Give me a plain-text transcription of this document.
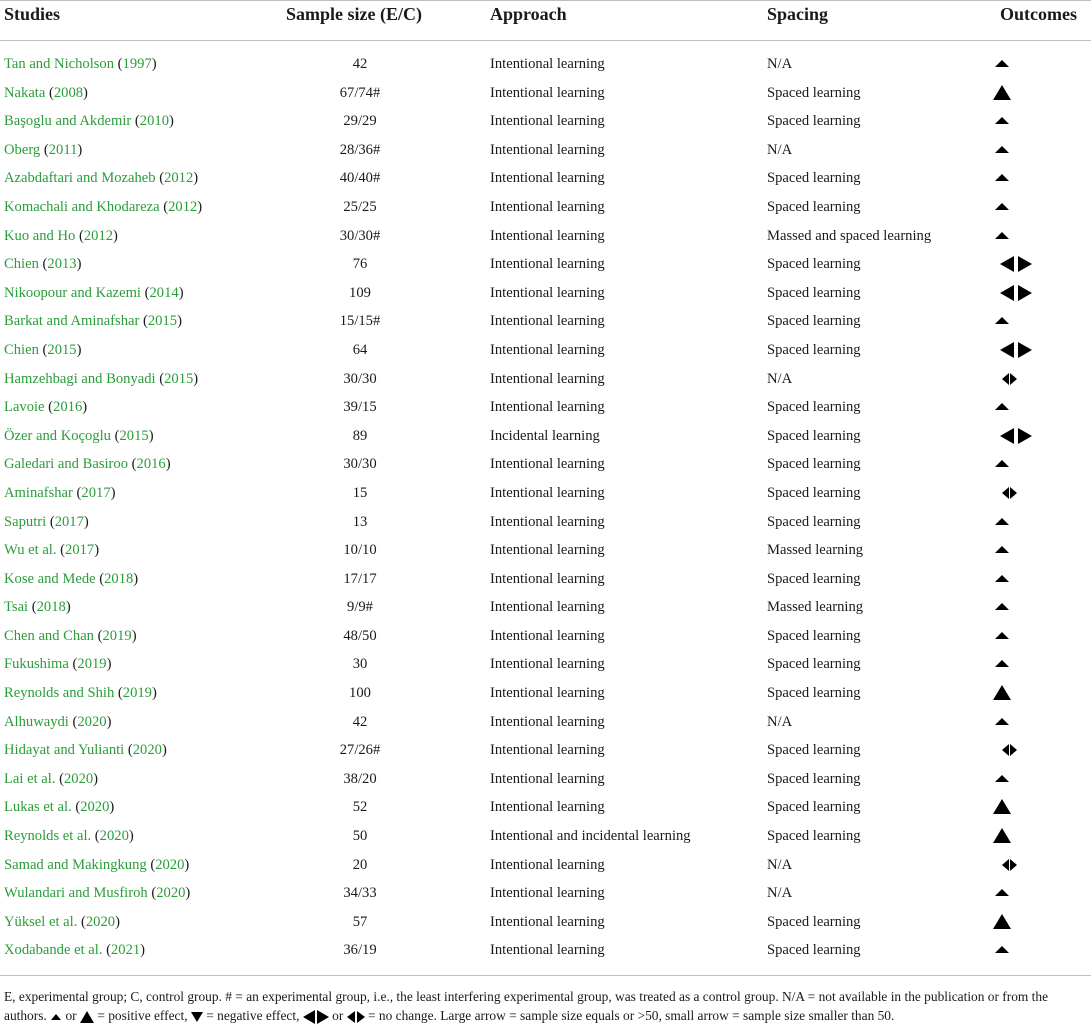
Studies	Sample size (E/C)	Approach	Spacing	Outcomes
Tan and Nicholson (1997)	42	Intentional learning	N/A
Nakata (2008)	67/74#	Intentional learning	Spaced learning
Başoglu and Akdemir (2010)	29/29	Intentional learning	Spaced learning
Oberg (2011)	28/36#	Intentional learning	N/A
Azabdaftari and Mozaheb (2012)	40/40#	Intentional learning	Spaced learning
Komachali and Khodareza (2012)	25/25	Intentional learning	Spaced learning
Kuo and Ho (2012)	30/30#	Intentional learning	Massed and spaced learning
Chien (2013)	76	Intentional learning	Spaced learning
Nikoopour and Kazemi (2014)	109	Intentional learning	Spaced learning
Barkat and Aminafshar (2015)	15/15#	Intentional learning	Spaced learning
Chien (2015)	64	Intentional learning	Spaced learning
Hamzehbagi and Bonyadi (2015)	30/30	Intentional learning	N/A
Lavoie (2016)	39/15	Intentional learning	Spaced learning
Özer and Koçoglu (2015)	89	Incidental learning	Spaced learning
Galedari and Basiroo (2016)	30/30	Intentional learning	Spaced learning
Aminafshar (2017)	15	Intentional learning	Spaced learning
Saputri (2017)	13	Intentional learning	Spaced learning
Wu et al. (2017)	10/10	Intentional learning	Massed learning
Kose and Mede (2018)	17/17	Intentional learning	Spaced learning
Tsai (2018)	9/9#	Intentional learning	Massed learning
Chen and Chan (2019)	48/50	Intentional learning	Spaced learning
Fukushima (2019)	30	Intentional learning	Spaced learning
Reynolds and Shih (2019)	100	Intentional learning	Spaced learning
Alhuwaydi (2020)	42	Intentional learning	N/A
Hidayat and Yulianti (2020)	27/26#	Intentional learning	Spaced learning
Lai et al. (2020)	38/20	Intentional learning	Spaced learning
Lukas et al. (2020)	52	Intentional learning	Spaced learning
Reynolds et al. (2020)	50	Intentional and incidental learning	Spaced learning
Samad and Makingkung (2020)	20	Intentional learning	N/A
Wulandari and Musfiroh (2020)	34/33	Intentional learning	N/A
Yüksel et al. (2020)	57	Intentional learning	Spaced learning
Xodabande et al. (2021)	36/19	Intentional learning	Spaced learning
E, experimental group; C, control group. # = an experimental group, i.e., the least interfering experimental group, was treated as a control group. N/A = not available in the publication or from the authors.  or  = positive effect,  = negative effect,  or  = no change. Large arrow = sample size equals or >50, small arrow = sample size smaller than 50.
